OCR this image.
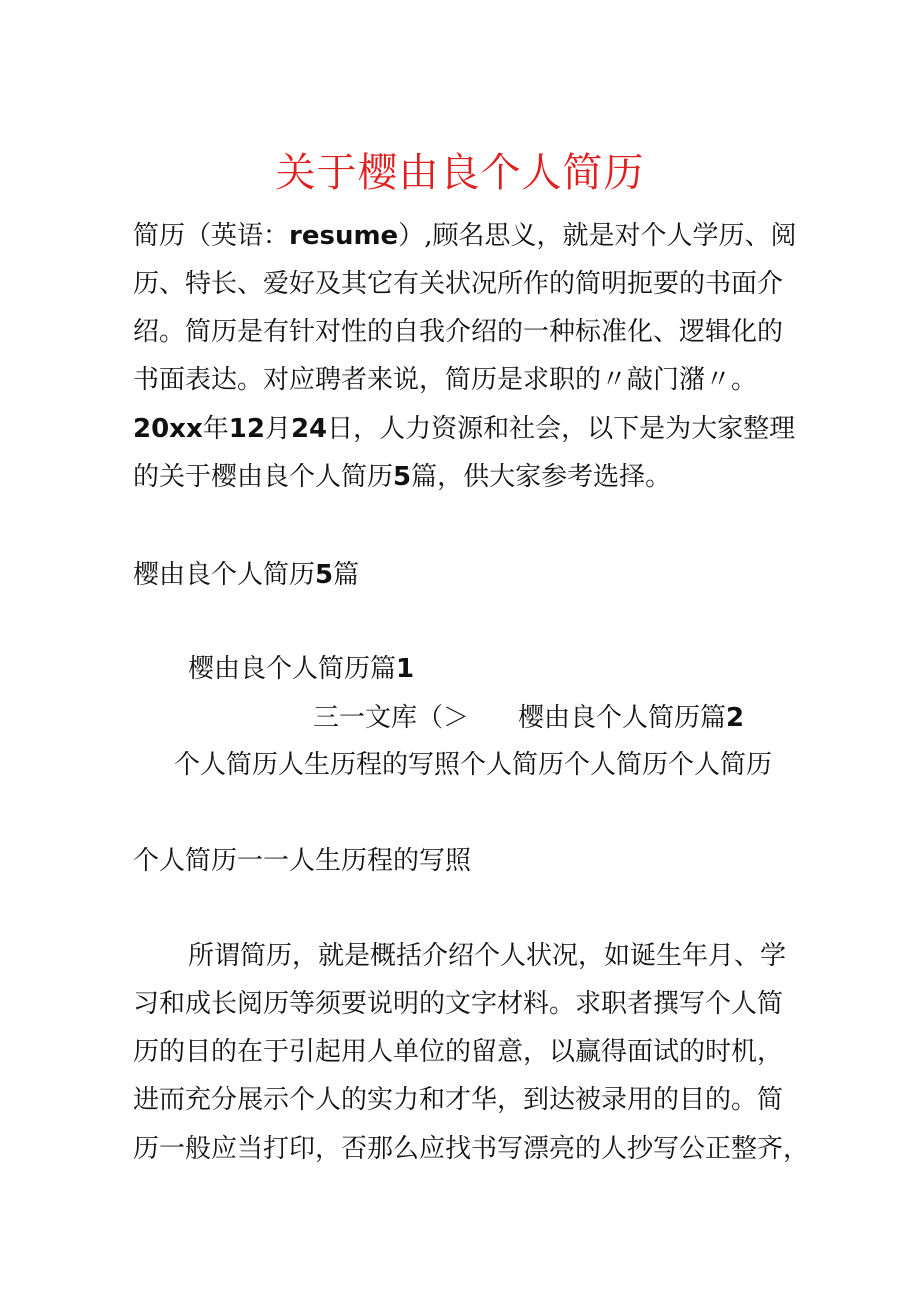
关于樱由良个人简历
简历（英语：resume）,顾名思义，就是对个人学历、阅
历、特长、爱好及其它有关状况所作的简明扼要的书面介
绍。简历是有针对性的自我介绍的一种标准化、逻辑化的
书面表达。对应聘者来说，简历是求职的〃敲门潴〃。
20xx年12月24日，人力资源和社会，以下是为大家整理
的关于樱由良个人简历5篇，供大家参考选择。
樱由良个人简历5篇
樱由良个人简历篇1
三一文库（＞ 樱由良个人简历篇2
个人简历人生历程的写照个人简历个人简历个人简历
个人简历一一人生历程的写照
所谓简历，就是概括介绍个人状况，如诞生年月、学
习和成长阅历等须要说明的文字材料。求职者撰写个人简
历的目的在于引起用人单位的留意，以赢得面试的时机，
进而充分展示个人的实力和才华，到达被录用的目的。简
历一般应当打印，否那么应找书写漂亮的人抄写公正整齐，
